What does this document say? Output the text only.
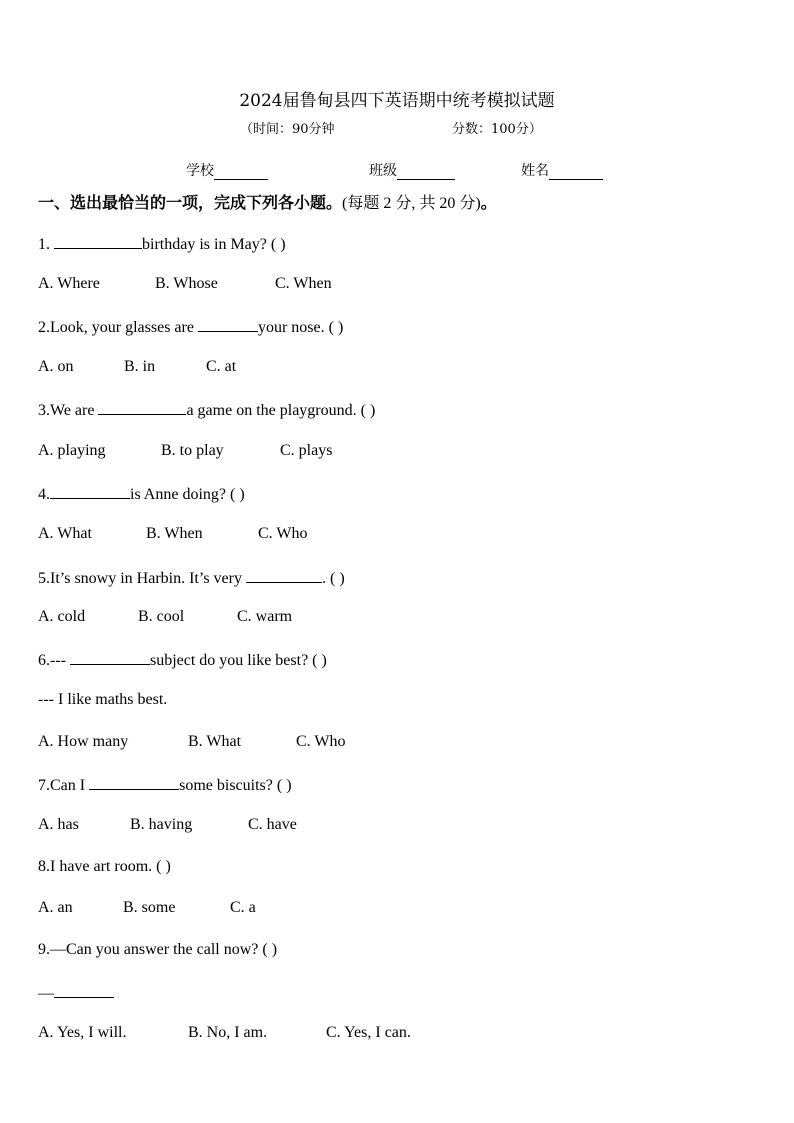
2024届鲁甸县四下英语期中统考模拟试题
（时间：90分钟	分数：100分）
学校	班级	姓名
一、选出最恰当的一项，完成下列各小题。(每题 2 分, 共 20 分)。
1.	birthday is in May? ( )
A. Where	B. Whose	C. When
2.Look, your glasses are	your nose. ( )
A. on	B. in	C. at
3.We are	a game on the playground. ( )
A. playing	B. to play	C. plays
4.	is Anne doing? ( )
A. What	B. When	C. Who
5.It’s snowy in Harbin. It’s very	. ( )
A. cold	B. cool	C. warm
6.---	subject do you like best? ( )
--- I like maths best.
A. How many	B. What	C. Who
7.Can I	some biscuits? ( )
A. has	B. having	C. have
8.I have art room. ( )
A. an	B. some	C. a
9.—Can you answer the call now? ( )
—
A. Yes, I will.	B. No, I am.	C. Yes, I can.
